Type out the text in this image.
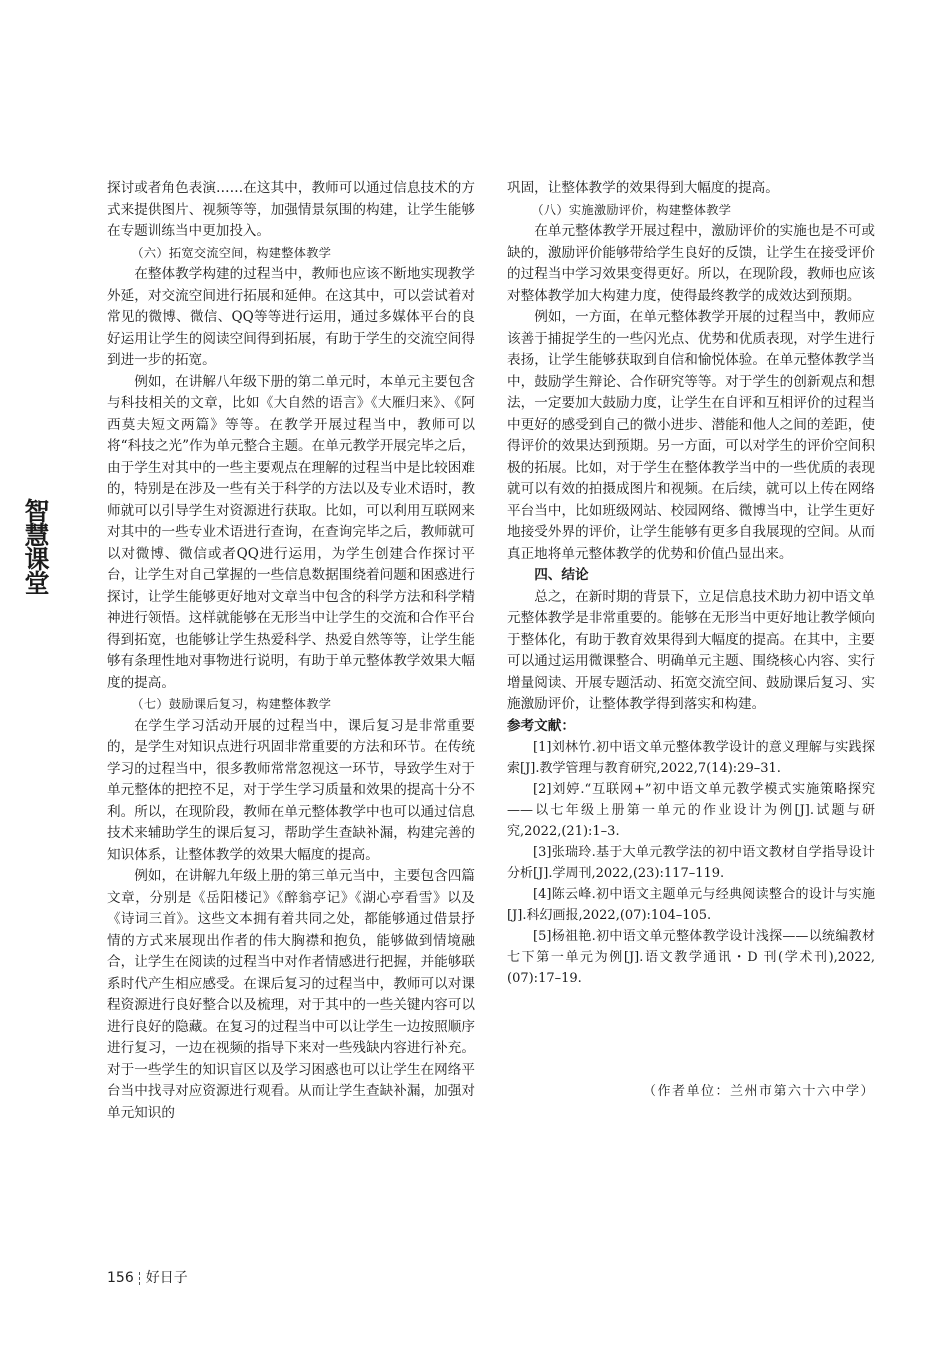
智
慧
课
堂

探讨或者角色表演……在这其中，教师可以通过信息技术的方式来提供图片、视频等等，加强情景氛围的构建，让学生能够在专题训练当中更加投入。

（六）拓宽交流空间，构建整体教学

在整体教学构建的过程当中，教师也应该不断地实现教学外延，对交流空间进行拓展和延伸。在这其中，可以尝试着对常见的微博、微信、QQ等等进行运用，通过多媒体平台的良好运用让学生的阅读空间得到拓展，有助于学生的交流空间得到进一步的拓宽。

例如，在讲解八年级下册的第二单元时，本单元主要包含与科技相关的文章，比如《大自然的语言》《大雁归来》、《阿西莫夫短文两篇》等等。在教学开展过程当中，教师可以将“科技之光”作为单元整合主题。在单元教学开展完毕之后，由于学生对其中的一些主要观点在理解的过程当中是比较困难的，特别是在涉及一些有关于科学的方法以及专业术语时，教师就可以引导学生对资源进行获取。比如，可以利用互联网来对其中的一些专业术语进行查询，在查询完毕之后，教师就可以对微博、微信或者QQ进行运用，为学生创建合作探讨平台，让学生对自己掌握的一些信息数据围绕着问题和困惑进行探讨，让学生能够更好地对文章当中包含的科学方法和科学精神进行领悟。这样就能够在无形当中让学生的交流和合作平台得到拓宽，也能够让学生热爱科学、热爱自然等等，让学生能够有条理性地对事物进行说明，有助于单元整体教学效果大幅度的提高。

（七）鼓励课后复习，构建整体教学

在学生学习活动开展的过程当中，课后复习是非常重要的，是学生对知识点进行巩固非常重要的方法和环节。在传统学习的过程当中，很多教师常常忽视这一环节，导致学生对于单元整体的把控不足，对于学生学习质量和效果的提高十分不利。所以，在现阶段，教师在单元整体教学中也可以通过信息技术来辅助学生的课后复习，帮助学生查缺补漏，构建完善的知识体系，让整体教学的效果大幅度的提高。

例如，在讲解九年级上册的第三单元当中，主要包含四篇文章，分别是《岳阳楼记》《醉翁亭记》《湖心亭看雪》以及《诗词三首》。这些文本拥有着共同之处，都能够通过借景抒情的方式来展现出作者的伟大胸襟和抱负，能够做到情境融合，让学生在阅读的过程当中对作者情感进行把握，并能够联系时代产生相应感受。在课后复习的过程当中，教师可以对课程资源进行良好整合以及梳理，对于其中的一些关键内容可以进行良好的隐藏。在复习的过程当中可以让学生一边按照顺序进行复习，一边在视频的指导下来对一些残缺内容进行补充。对于一些学生的知识盲区以及学习困惑也可以让学生在网络平台当中找寻对应资源进行观看。从而让学生查缺补漏，加强对单元知识的

巩固，让整体教学的效果得到大幅度的提高。

（八）实施激励评价，构建整体教学

在单元整体教学开展过程中，激励评价的实施也是不可或缺的，激励评价能够带给学生良好的反馈，让学生在接受评价的过程当中学习效果变得更好。所以，在现阶段，教师也应该对整体教学加大构建力度，使得最终教学的成效达到预期。

例如，一方面，在单元整体教学开展的过程当中，教师应该善于捕捉学生的一些闪光点、优势和优质表现，对学生进行表扬，让学生能够获取到自信和愉悦体验。在单元整体教学当中，鼓励学生辩论、合作研究等等。对于学生的创新观点和想法，一定要加大鼓励力度，让学生在自评和互相评价的过程当中更好的感受到自己的微小进步、潜能和他人之间的差距，使得评价的效果达到预期。另一方面，可以对学生的评价空间积极的拓展。比如，对于学生在整体教学当中的一些优质的表现就可以有效的拍摄成图片和视频。在后续，就可以上传在网络平台当中，比如班级网站、校园网络、微博当中，让学生更好地接受外界的评价，让学生能够有更多自我展现的空间。从而真正地将单元整体教学的优势和价值凸显出来。

四、结论

总之，在新时期的背景下，立足信息技术助力初中语文单元整体教学是非常重要的。能够在无形当中更好地让教学倾向于整体化，有助于教育效果得到大幅度的提高。在其中，主要可以通过运用微课整合、明确单元主题、围绕核心内容、实行增量阅读、开展专题活动、拓宽交流空间、鼓励课后复习、实施激励评价，让整体教学得到落实和构建。

参考文献：

[1]刘林竹.初中语文单元整体教学设计的意义理解与实践探索[J].教学管理与教育研究,2022,7(14):29–31.

[2]刘婷.“互联网+”初中语文单元教学模式实施策略探究——以七年级上册第一单元的作业设计为例[J].试题与研究,2022,(21):1–3.

[3]张瑞玲.基于大单元教学法的初中语文教材自学指导设计分析[J].学周刊,2022,(23):117–119.

[4]陈云峰.初中语文主题单元与经典阅读整合的设计与实施[J].科幻画报,2022,(07):104–105.

[5]杨祖艳.初中语文单元整体教学设计浅探——以统编教材七下第一单元为例[J].语文教学通讯・D 刊(学术刊),2022,(07):17–19.

（作者单位：兰州市第六十六中学）
156 好日子
